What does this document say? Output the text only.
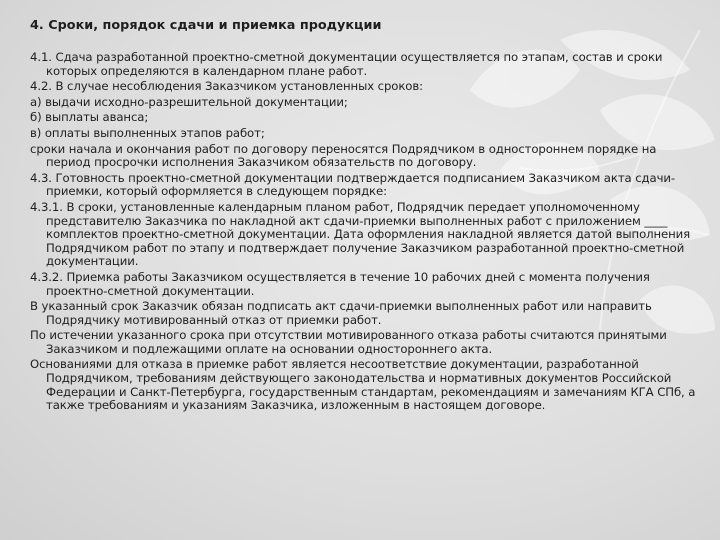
4. Сроки, порядок сдачи и приемка продукции
4.1. Сдача разработанной проектно-сметной документации осуществляется по этапам, состав и сроки которых определяются в календарном плане работ.
4.2. В случае несоблюдения Заказчиком установленных сроков:
а) выдачи исходно-разрешительной документации;
б) выплаты аванса;
в) оплаты выполненных этапов работ;
сроки начала и окончания работ по договору переносятся Подрядчиком в одностороннем порядке на период просрочки исполнения Заказчиком обязательств по договору.
4.3. Готовность проектно-сметной документации подтверждается подписанием Заказчиком акта сдачи-приемки, который оформляется в следующем порядке:
4.3.1. В сроки, установленные календарным планом работ, Подрядчик передает уполномоченному представителю Заказчика по накладной акт сдачи-приемки выполненных работ с приложением ____ комплектов проектно-сметной документации. Дата оформления накладной является датой выполнения Подрядчиком работ по этапу и подтверждает получение Заказчиком разработанной проектно-сметной документации.
4.3.2. Приемка работы Заказчиком осуществляется в течение 10 рабочих дней с момента получения проектно-сметной документации.
В указанный срок Заказчик обязан подписать акт сдачи-приемки выполненных работ или направить Подрядчику мотивированный отказ от приемки работ.
По истечении указанного срока при отсутствии мотивированного отказа работы считаются принятыми Заказчиком и подлежащими оплате на основании одностороннего акта.
Основаниями для отказа в приемке работ является несоответствие документации, разработанной Подрядчиком, требованиям действующего законодательства и нормативных документов Российской Федерации и Санкт-Петербурга, государственным стандартам, рекомендациям и замечаниям КГА СПб, а также требованиям и указаниям Заказчика, изложенным в настоящем договоре.
